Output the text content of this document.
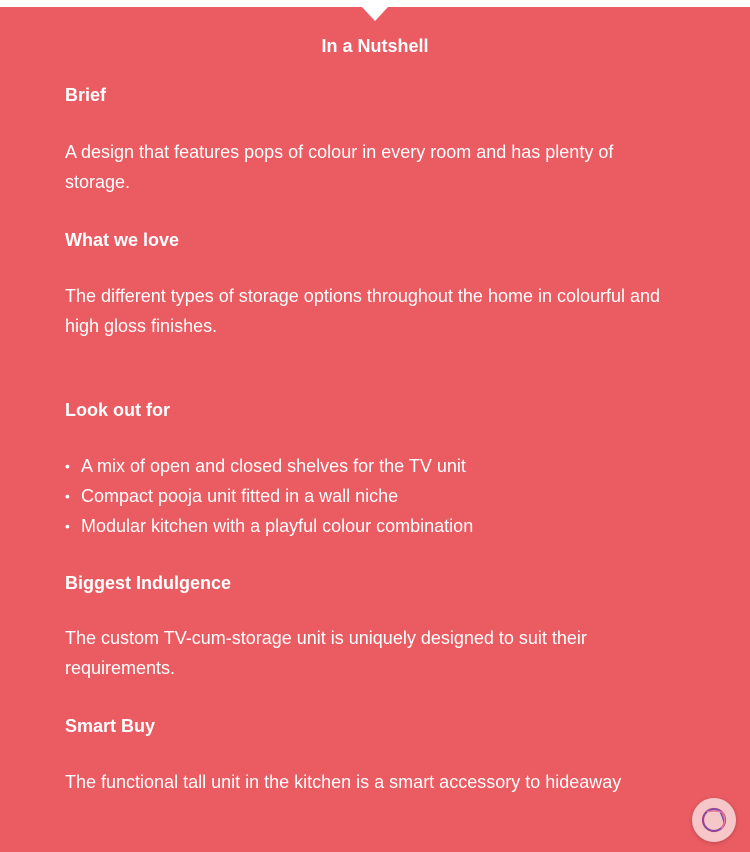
In a Nutshell
Brief
A design that features pops of colour in every room and has plenty of storage.
What we love
The different types of storage options throughout the home in colourful and high gloss finishes.
Look out for
• A mix of open and closed shelves for the TV unit
• Compact pooja unit fitted in a wall niche
• Modular kitchen with a playful colour combination
Biggest Indulgence
The custom TV-cum-storage unit is uniquely designed to suit their requirements.
Smart Buy
The functional tall unit in the kitchen is a smart accessory to hideaway
